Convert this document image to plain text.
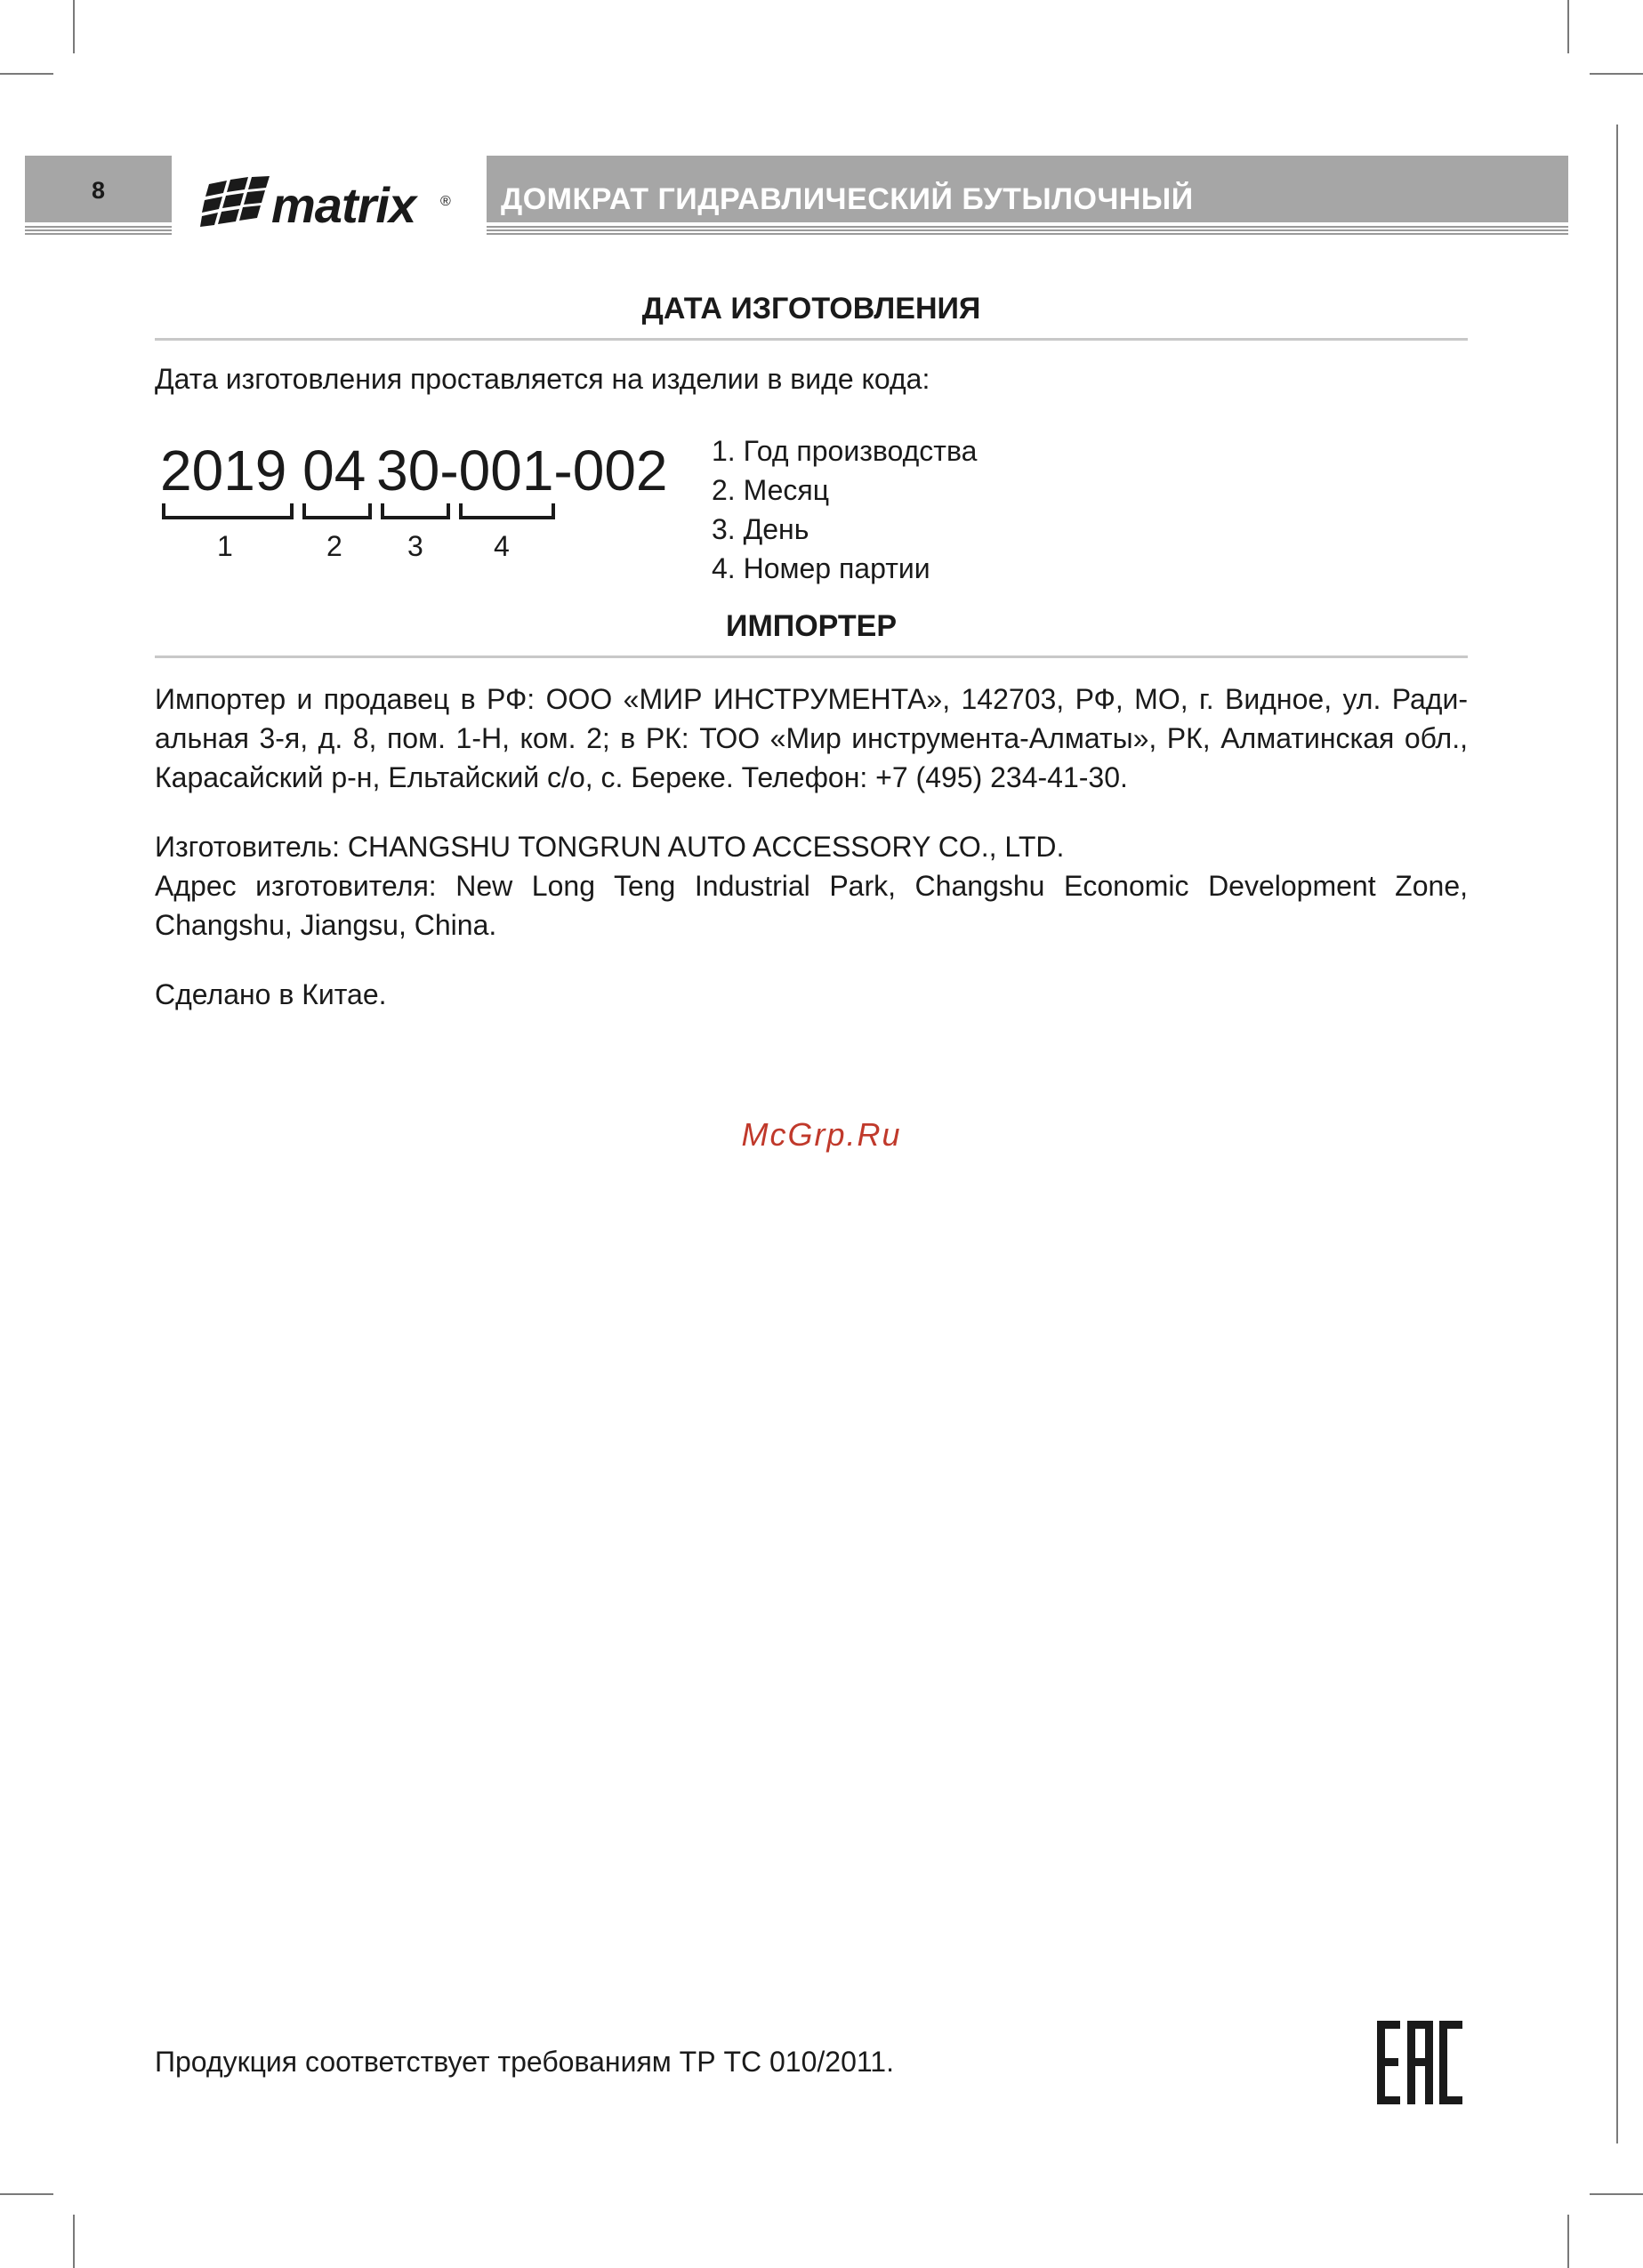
8	matrix ® ДОМКРАТ ГИДРАВЛИЧЕСКИЙ БУТЫЛОЧНЫЙ
ДАТА ИЗГОТОВЛЕНИЯ

Дата изготовления проставляется на изделии в виде кода:

2019 04 30-001-002
1	2 3 4
1. Год производства
2. Месяц
3. День
4. Номер партии
ИМПОРТЕР

Импортер и продавец в РФ: ООО «МИР ИНСТРУМЕНТА», 142703, РФ, МО, г. Видное, ул. Ради-альная 3-я, д. 8, пом. 1-Н, ком. 2; в РК: ТОО «Мир инструмента-Алматы», РК, Алматинская обл., Карасайский р-н, Ельтайский с/о, с. Береке. Телефон: +7 (495) 234-41-30.

Изготовитель: CHANGSHU TONGRUN AUTO ACCESSORY CO., LTD.

Адрес изготовителя: New Long Teng Industrial Park, Changshu Economic Development Zone, Changshu, Jiangsu, China.

Сделано в Китае.

McGrp.Ru
Продукция соответствует требованиям ТР ТС 010/2011.
